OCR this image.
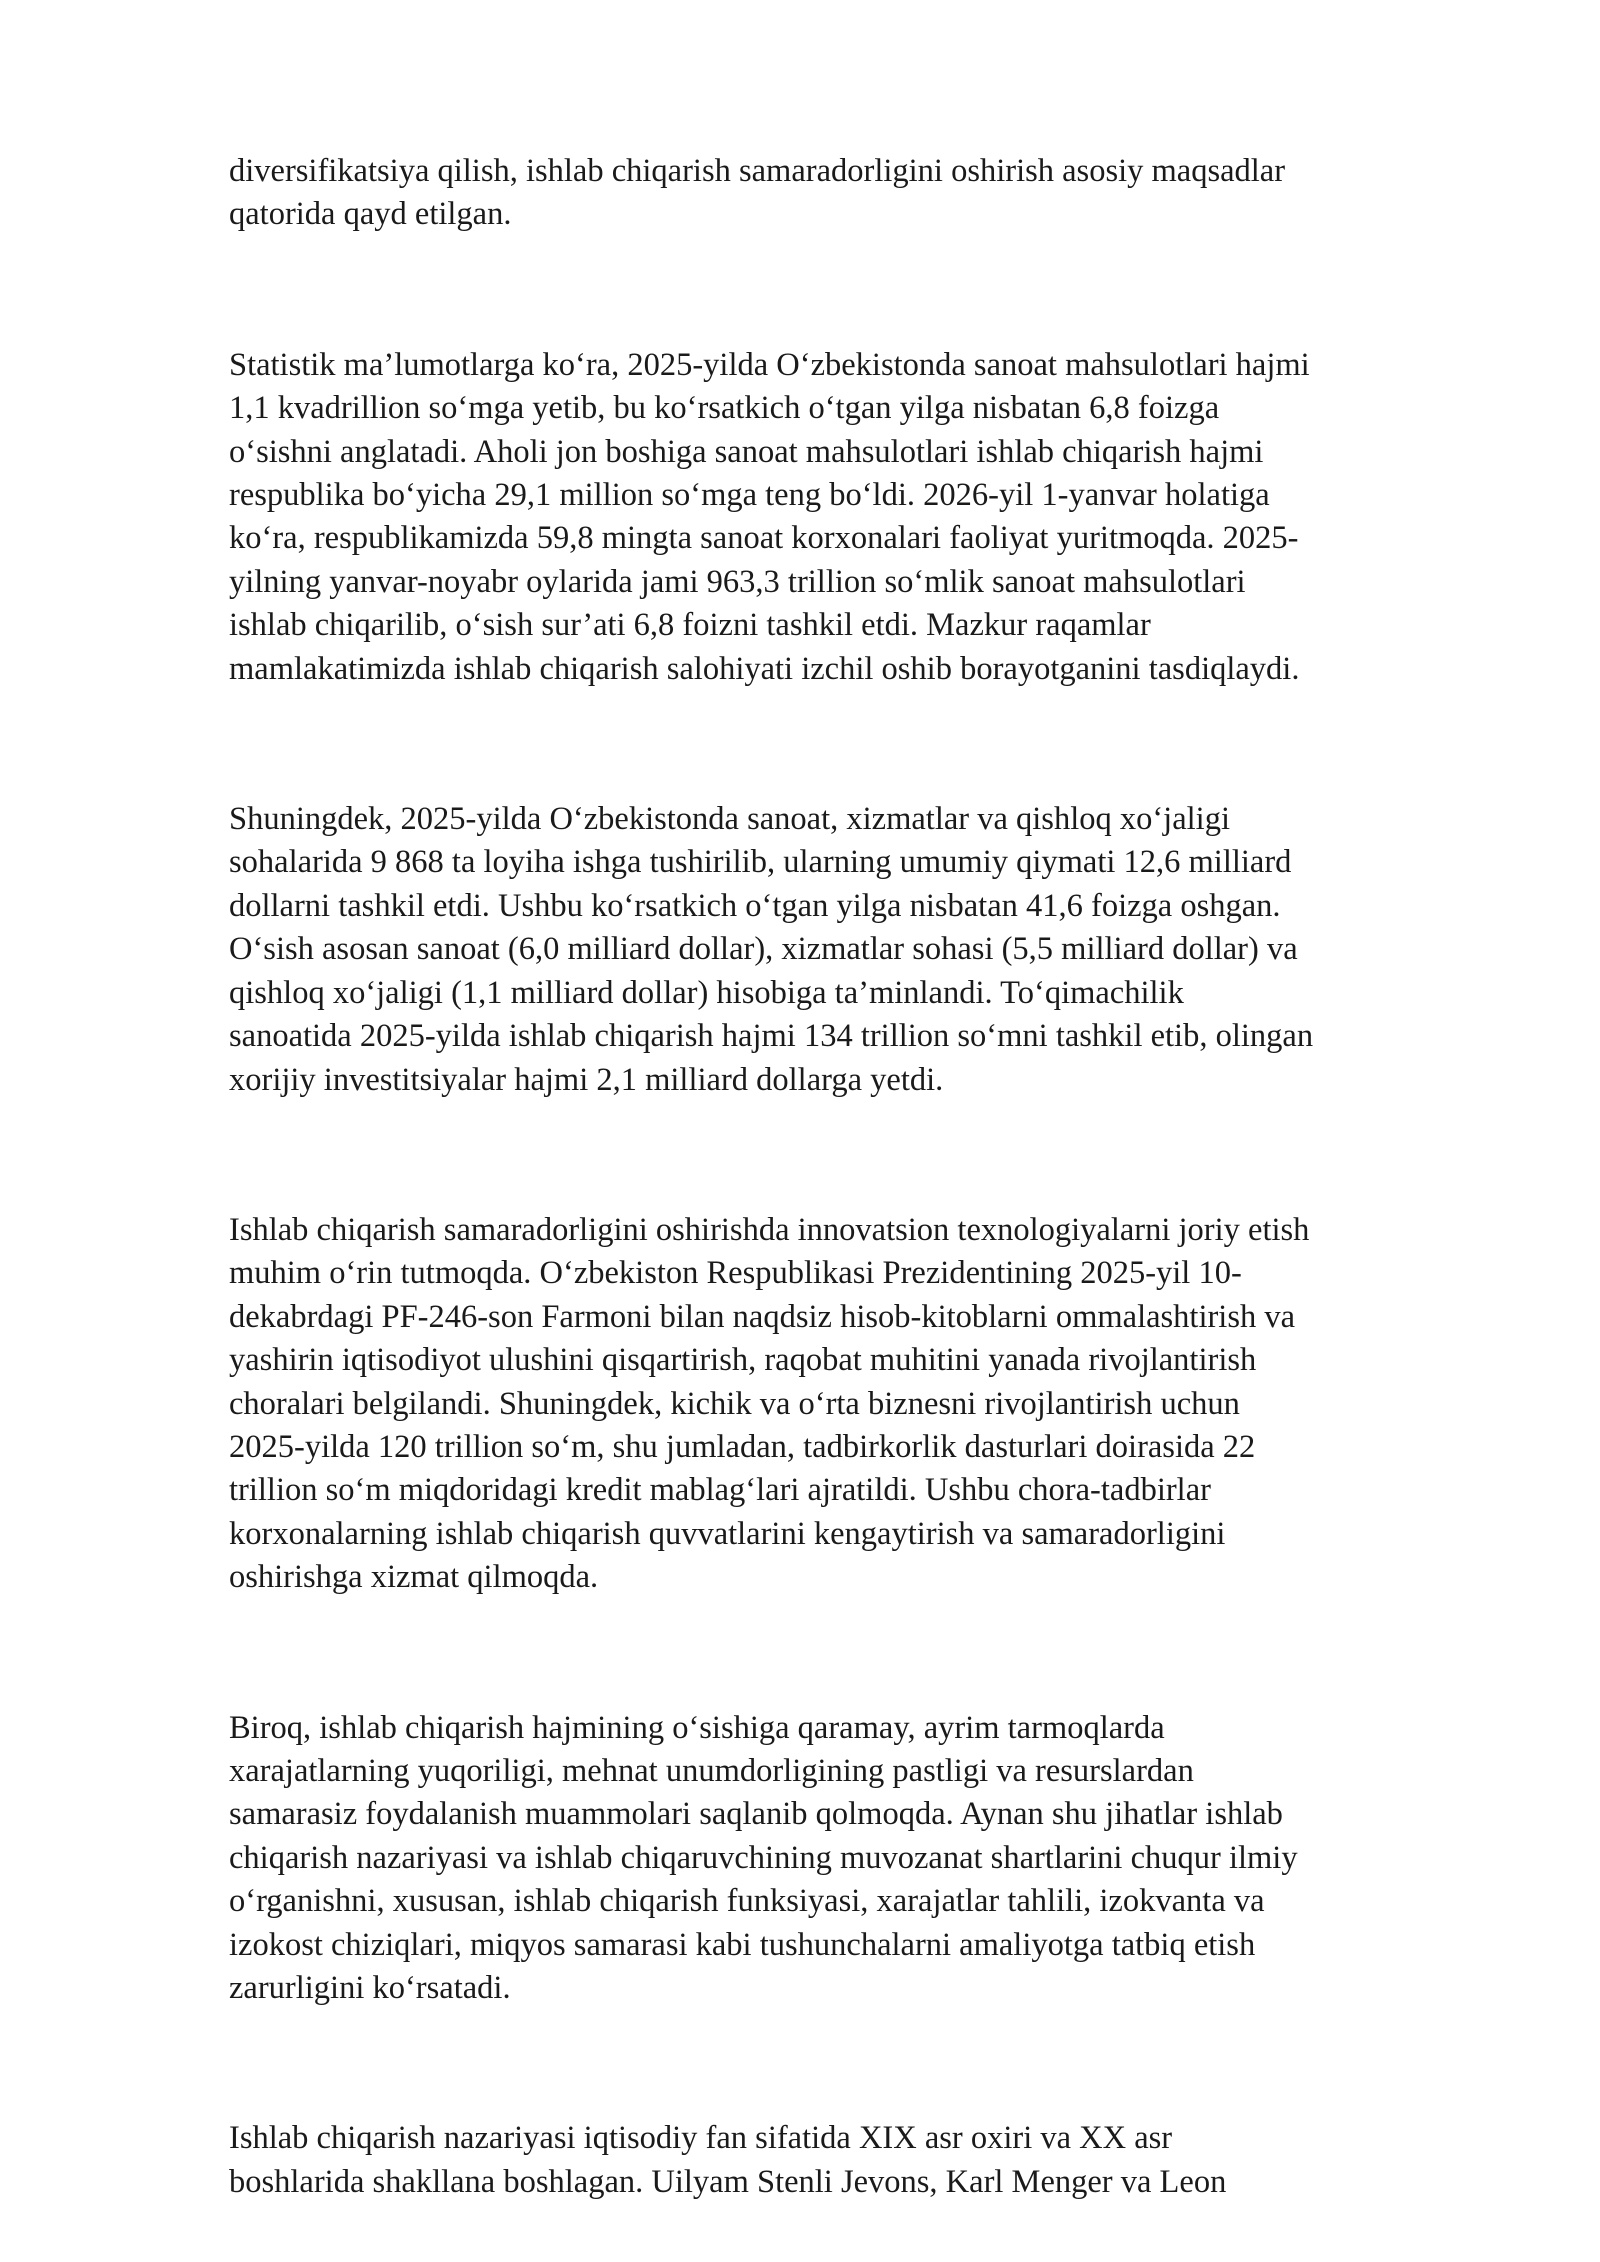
diversifikatsiya qilish, ishlab chiqarish samaradorligini oshirish asosiy maqsadlar
qatorida qayd etilgan.

Statistik ma’lumotlarga ko‘ra, 2025-yilda O‘zbekistonda sanoat mahsulotlari hajmi
1,1 kvadrillion so‘mga yetib, bu ko‘rsatkich o‘tgan yilga nisbatan 6,8 foizga
o‘sishni anglatadi. Aholi jon boshiga sanoat mahsulotlari ishlab chiqarish hajmi
respublika bo‘yicha 29,1 million so‘mga teng bo‘ldi. 2026-yil 1-yanvar holatiga
ko‘ra, respublikamizda 59,8 mingta sanoat korxonalari faoliyat yuritmoqda. 2025-
yilning yanvar-noyabr oylarida jami 963,3 trillion so‘mlik sanoat mahsulotlari
ishlab chiqarilib, o‘sish sur’ati 6,8 foizni tashkil etdi. Mazkur raqamlar
mamlakatimizda ishlab chiqarish salohiyati izchil oshib borayotganini tasdiqlaydi.

Shuningdek, 2025-yilda O‘zbekistonda sanoat, xizmatlar va qishloq xo‘jaligi
sohalarida 9 868 ta loyiha ishga tushirilib, ularning umumiy qiymati 12,6 milliard
dollarni tashkil etdi. Ushbu ko‘rsatkich o‘tgan yilga nisbatan 41,6 foizga oshgan.
O‘sish asosan sanoat (6,0 milliard dollar), xizmatlar sohasi (5,5 milliard dollar) va
qishloq xo‘jaligi (1,1 milliard dollar) hisobiga ta’minlandi. To‘qimachilik
sanoatida 2025-yilda ishlab chiqarish hajmi 134 trillion so‘mni tashkil etib, olingan
xorijiy investitsiyalar hajmi 2,1 milliard dollarga yetdi.

Ishlab chiqarish samaradorligini oshirishda innovatsion texnologiyalarni joriy etish
muhim o‘rin tutmoqda. O‘zbekiston Respublikasi Prezidentining 2025-yil 10-
dekabrdagi PF-246-son Farmoni bilan naqdsiz hisob-kitoblarni ommalashtirish va
yashirin iqtisodiyot ulushini qisqartirish, raqobat muhitini yanada rivojlantirish
choralari belgilandi. Shuningdek, kichik va o‘rta biznesni rivojlantirish uchun
2025-yilda 120 trillion so‘m, shu jumladan, tadbirkorlik dasturlari doirasida 22
trillion so‘m miqdoridagi kredit mablag‘lari ajratildi. Ushbu chora-tadbirlar
korxonalarning ishlab chiqarish quvvatlarini kengaytirish va samaradorligini
oshirishga xizmat qilmoqda.

Biroq, ishlab chiqarish hajmining o‘sishiga qaramay, ayrim tarmoqlarda
xarajatlarning yuqoriligi, mehnat unumdorligining pastligi va resurslardan
samarasiz foydalanish muammolari saqlanib qolmoqda. Aynan shu jihatlar ishlab
chiqarish nazariyasi va ishlab chiqaruvchining muvozanat shartlarini chuqur ilmiy
o‘rganishni, xususan, ishlab chiqarish funksiyasi, xarajatlar tahlili, izokvanta va
izokost chiziqlari, miqyos samarasi kabi tushunchalarni amaliyotga tatbiq etish
zarurligini ko‘rsatadi.

Ishlab chiqarish nazariyasi iqtisodiy fan sifatida XIX asr oxiri va XX asr
boshlarida shakllana boshlagan. Uilyam Stenli Jevons, Karl Menger va Leon
